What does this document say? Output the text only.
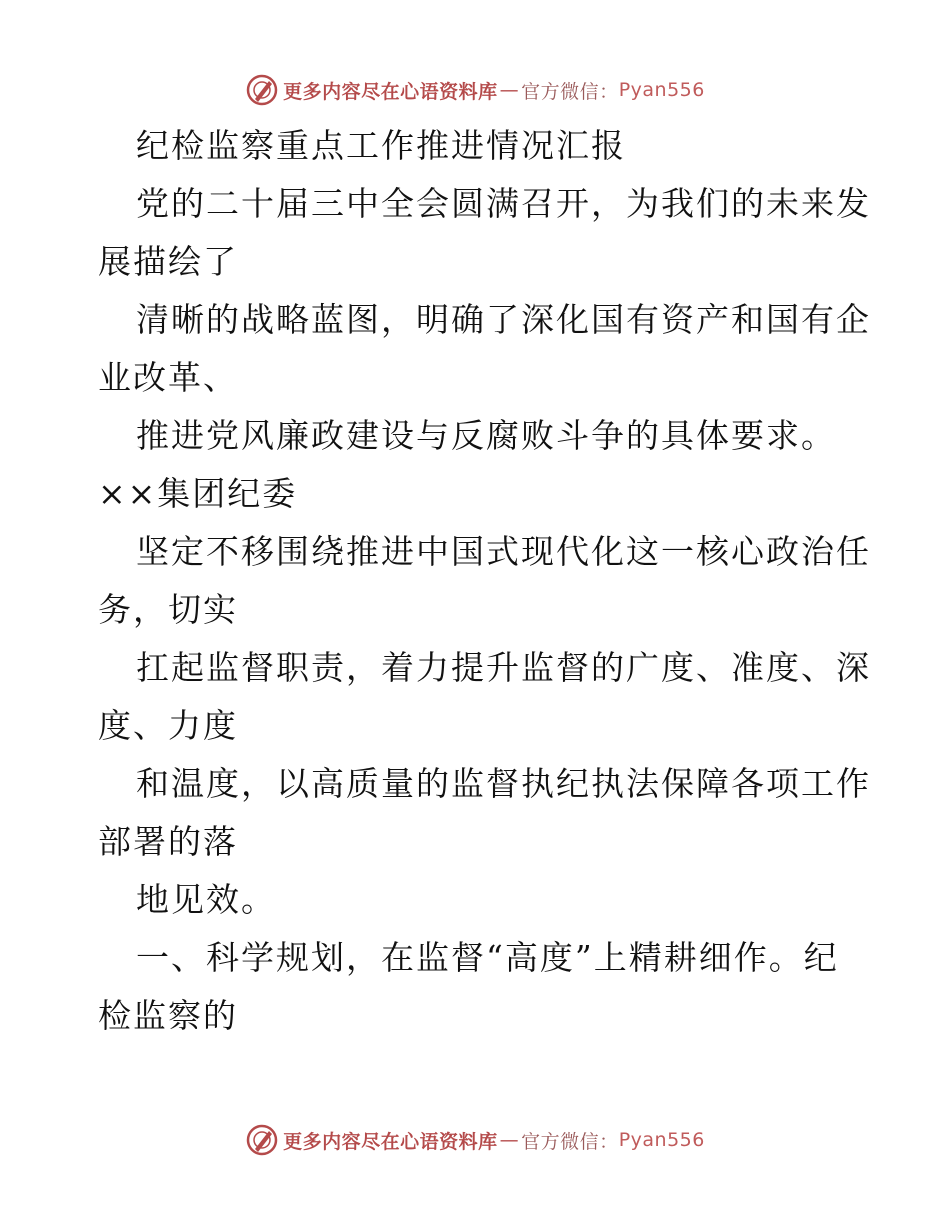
更多内容尽在心语资料库 — 官方微信： Pyan556
纪检监察重点工作推进情况汇报
党的二十届三中全会圆满召开，为我们的未来发
展描绘了
清晰的战略蓝图，明确了深化国有资产和国有企
业改革、
推进党风廉政建设与反腐败斗争的具体要求。
××集团纪委
坚定不移围绕推进中国式现代化这一核心政治任
务，切实
扛起监督职责，着力提升监督的广度、准度、深
度、力度
和温度，以高质量的监督执纪执法保障各项工作
部署的落
地见效。
一、科学规划，在监督“高度”上精耕细作。纪
检监察的
更多内容尽在心语资料库 — 官方微信： Pyan556
